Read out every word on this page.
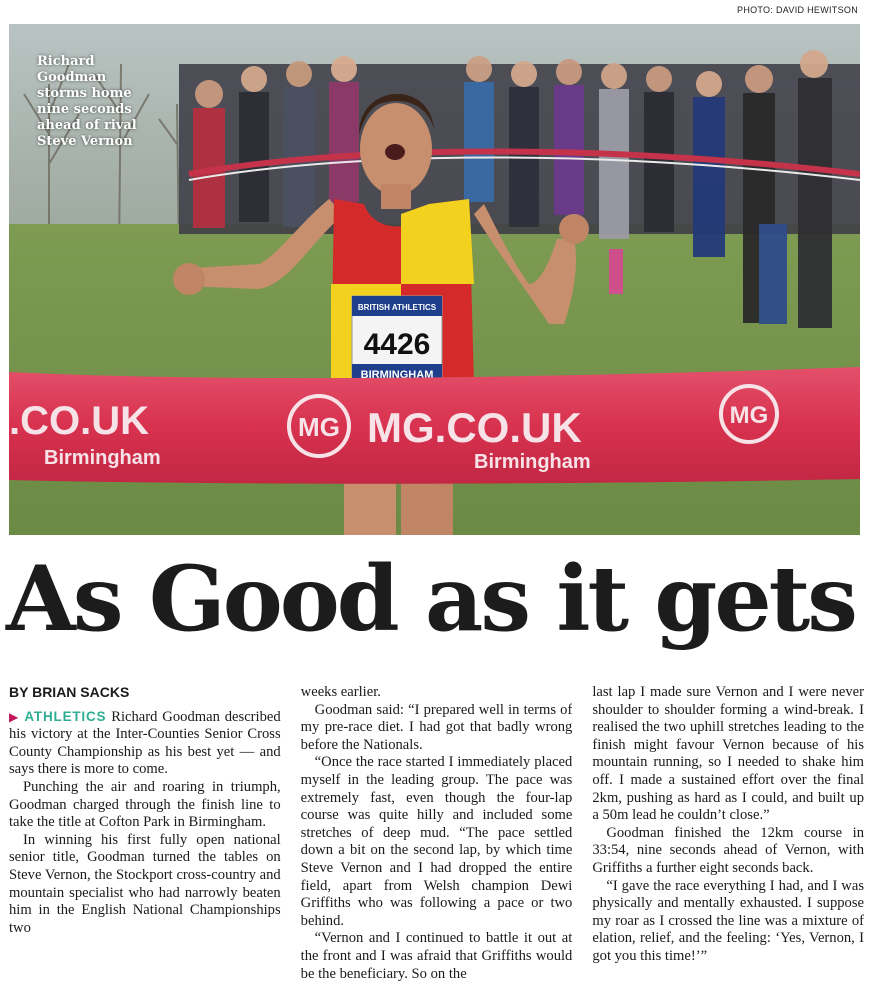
PHOTO: DAVID HEWITSON
BRITISH ATHLETICS
4426
BIRMINGHAM
.CO.UK
Birmingham
MG MG.CO.UK
Birmingham
MG

Richard Goodman storms home nine seconds ahead of rival Steve Vernon

As Good as it gets
BY BRIAN SACKS

▶ ATHLETICS Richard Goodman described his victory at the Inter-Counties Senior Cross County Championship as his best yet — and says there is more to come.

Punching the air and roaring in triumph, Goodman charged through the finish line to take the title at Cofton Park in Birmingham.

In winning his first fully open national senior title, Goodman turned the tables on Steve Vernon, the Stockport cross-country and mountain specialist who had narrowly beaten him in the English National Championships two

weeks earlier.

Goodman said: “I prepared well in terms of my pre-race diet. I had got that badly wrong before the Nationals.

“Once the race started I immediately placed myself in the leading group. The pace was extremely fast, even though the four-lap course was quite hilly and included some stretches of deep mud. “The pace settled down a bit on the second lap, by which time Steve Vernon and I had dropped the entire field, apart from Welsh champion Dewi Griffiths who was following a pace or two behind.

“Vernon and I continued to battle it out at the front and I was afraid that Griffiths would be the beneficiary. So on the

last lap I made sure Vernon and I were never shoulder to shoulder forming a wind-break. I realised the two uphill stretches leading to the finish might favour Vernon because of his mountain running, so I needed to shake him off. I made a sustained effort over the final 2km, pushing as hard as I could, and built up a 50m lead he couldn’t close.”

Goodman finished the 12km course in 33:54, nine seconds ahead of Vernon, with Griffiths a further eight seconds back.

“I gave the race everything I had, and I was physically and mentally exhausted. I suppose my roar as I crossed the line was a mixture of elation, relief, and the feeling: ‘Yes, Vernon, I got you this time!’”
